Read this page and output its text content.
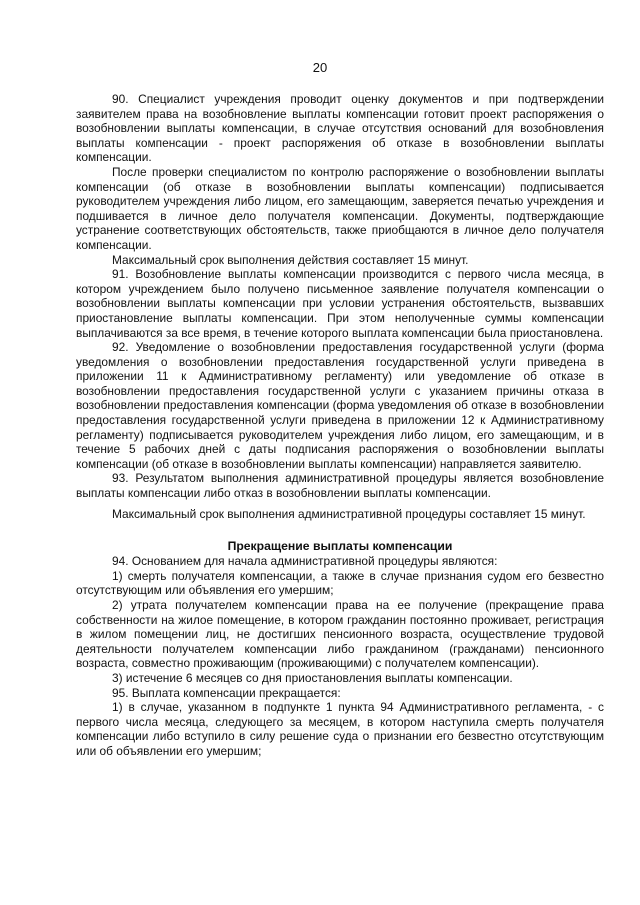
20

90. Специалист учреждения проводит оценку документов и при подтверждении заявителем права на возобновление выплаты компенсации готовит проект распоряжения о возобновлении выплаты компенсации, в случае отсутствия оснований для возобновления выплаты компенсации - проект распоряжения об отказе в возобновлении выплаты компенсации.

После проверки специалистом по контролю распоряжение о возобновлении выплаты компенсации (об отказе в возобновлении выплаты компенсации) подписывается руководителем учреждения либо лицом, его замещающим, заверяется печатью учреждения и подшивается в личное дело получателя компенсации. Документы, подтверждающие устранение соответствующих обстоятельств, также приобщаются в личное дело получателя компенсации.

Максимальный срок выполнения действия составляет 15 минут.

91. Возобновление выплаты компенсации производится с первого числа месяца, в котором учреждением было получено письменное заявление получателя компенсации о возобновлении выплаты компенсации при условии устранения обстоятельств, вызвавших приостановление выплаты компенсации. При этом неполученные суммы компенсации выплачиваются за все время, в течение которого выплата компенсации была приостановлена.

92. Уведомление о возобновлении предоставления государственной услуги (форма уведомления о возобновлении предоставления государственной услуги приведена в приложении 11 к Административному регламенту) или уведомление об отказе в возобновлении предоставления государственной услуги с указанием причины отказа в возобновлении предоставления компенсации (форма уведомления об отказе в возобновлении предоставления государственной услуги приведена в приложении 12 к Административному регламенту) подписывается руководителем учреждения либо лицом, его замещающим, и в течение 5 рабочих дней с даты подписания распоряжения о возобновлении выплаты компенсации (об отказе в возобновлении выплаты компенсации) направляется заявителю.

93. Результатом выполнения административной процедуры является возобновление выплаты компенсации либо отказ в возобновлении выплаты компенсации.

Максимальный срок выполнения административной процедуры составляет 15 минут.

Прекращение выплаты компенсации

94. Основанием для начала административной процедуры являются:

1) смерть получателя компенсации, а также в случае признания судом его безвестно отсутствующим или объявления его умершим;

2) утрата получателем компенсации права на ее получение (прекращение права собственности на жилое помещение, в котором гражданин постоянно проживает, регистрация в жилом помещении лиц, не достигших пенсионного возраста, осуществление трудовой деятельности получателем компенсации либо гражданином (гражданами) пенсионного возраста, совместно проживающим (проживающими) с получателем компенсации).

3) истечение 6 месяцев со дня приостановления выплаты компенсации.

95. Выплата компенсации прекращается:

1) в случае, указанном в подпункте 1 пункта 94 Административного регламента, - с первого числа месяца, следующего за месяцем, в котором наступила смерть получателя компенсации либо вступило в силу решение суда о признании его безвестно отсутствующим или об объявлении его умершим;
